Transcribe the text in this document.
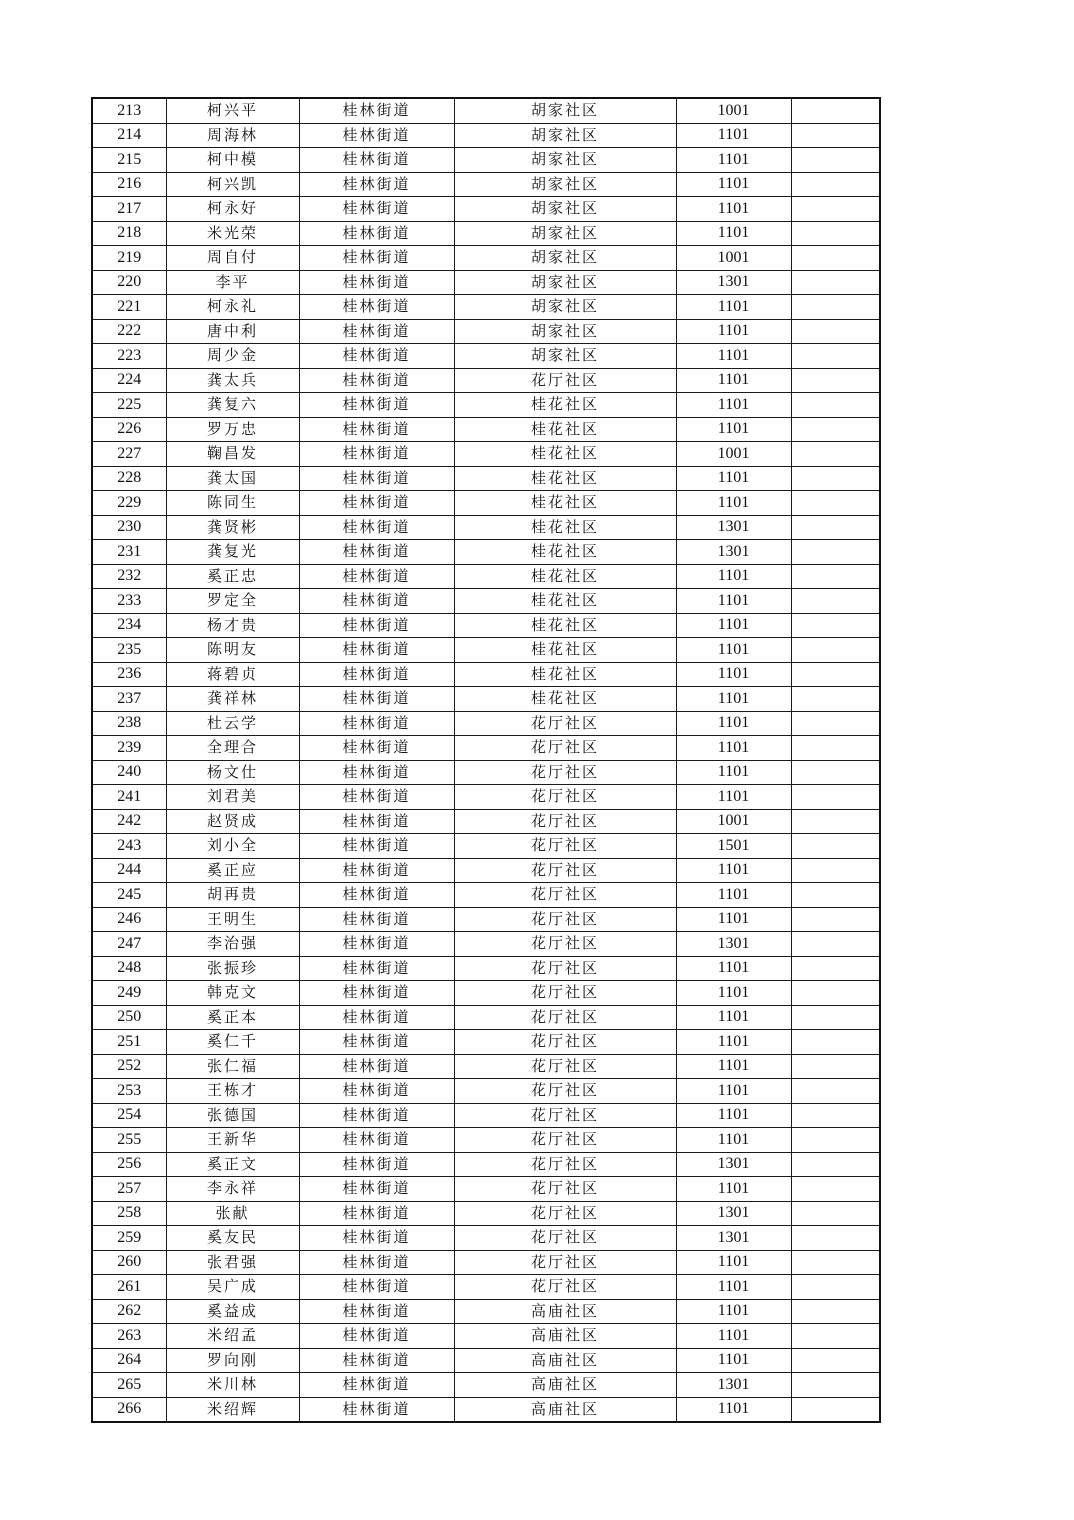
213	柯兴平	桂林街道	胡家社区	1001	
214	周海林	桂林街道	胡家社区	1101	
215	柯中模	桂林街道	胡家社区	1101	
216	柯兴凯	桂林街道	胡家社区	1101	
217	柯永好	桂林街道	胡家社区	1101	
218	米光荣	桂林街道	胡家社区	1101	
219	周自付	桂林街道	胡家社区	1001	
220	李平	桂林街道	胡家社区	1301	
221	柯永礼	桂林街道	胡家社区	1101	
222	唐中利	桂林街道	胡家社区	1101	
223	周少金	桂林街道	胡家社区	1101	
224	龚太兵	桂林街道	花厅社区	1101	
225	龚复六	桂林街道	桂花社区	1101	
226	罗万忠	桂林街道	桂花社区	1101	
227	鞠昌发	桂林街道	桂花社区	1001	
228	龚太国	桂林街道	桂花社区	1101	
229	陈同生	桂林街道	桂花社区	1101	
230	龚贤彬	桂林街道	桂花社区	1301	
231	龚复光	桂林街道	桂花社区	1301	
232	奚正忠	桂林街道	桂花社区	1101	
233	罗定全	桂林街道	桂花社区	1101	
234	杨才贵	桂林街道	桂花社区	1101	
235	陈明友	桂林街道	桂花社区	1101	
236	蒋碧贞	桂林街道	桂花社区	1101	
237	龚祥林	桂林街道	桂花社区	1101	
238	杜云学	桂林街道	花厅社区	1101	
239	全理合	桂林街道	花厅社区	1101	
240	杨文仕	桂林街道	花厅社区	1101	
241	刘君美	桂林街道	花厅社区	1101	
242	赵贤成	桂林街道	花厅社区	1001	
243	刘小全	桂林街道	花厅社区	1501	
244	奚正应	桂林街道	花厅社区	1101	
245	胡再贵	桂林街道	花厅社区	1101	
246	王明生	桂林街道	花厅社区	1101	
247	李治强	桂林街道	花厅社区	1301	
248	张振珍	桂林街道	花厅社区	1101	
249	韩克文	桂林街道	花厅社区	1101	
250	奚正本	桂林街道	花厅社区	1101	
251	奚仁千	桂林街道	花厅社区	1101	
252	张仁福	桂林街道	花厅社区	1101	
253	王栋才	桂林街道	花厅社区	1101	
254	张德国	桂林街道	花厅社区	1101	
255	王新华	桂林街道	花厅社区	1101	
256	奚正文	桂林街道	花厅社区	1301	
257	李永祥	桂林街道	花厅社区	1101	
258	张献	桂林街道	花厅社区	1301	
259	奚友民	桂林街道	花厅社区	1301	
260	张君强	桂林街道	花厅社区	1101	
261	吴广成	桂林街道	花厅社区	1101	
262	奚益成	桂林街道	高庙社区	1101	
263	米绍孟	桂林街道	高庙社区	1101	
264	罗向刚	桂林街道	高庙社区	1101	
265	米川林	桂林街道	高庙社区	1301	
266	米绍辉	桂林街道	高庙社区	1101	
